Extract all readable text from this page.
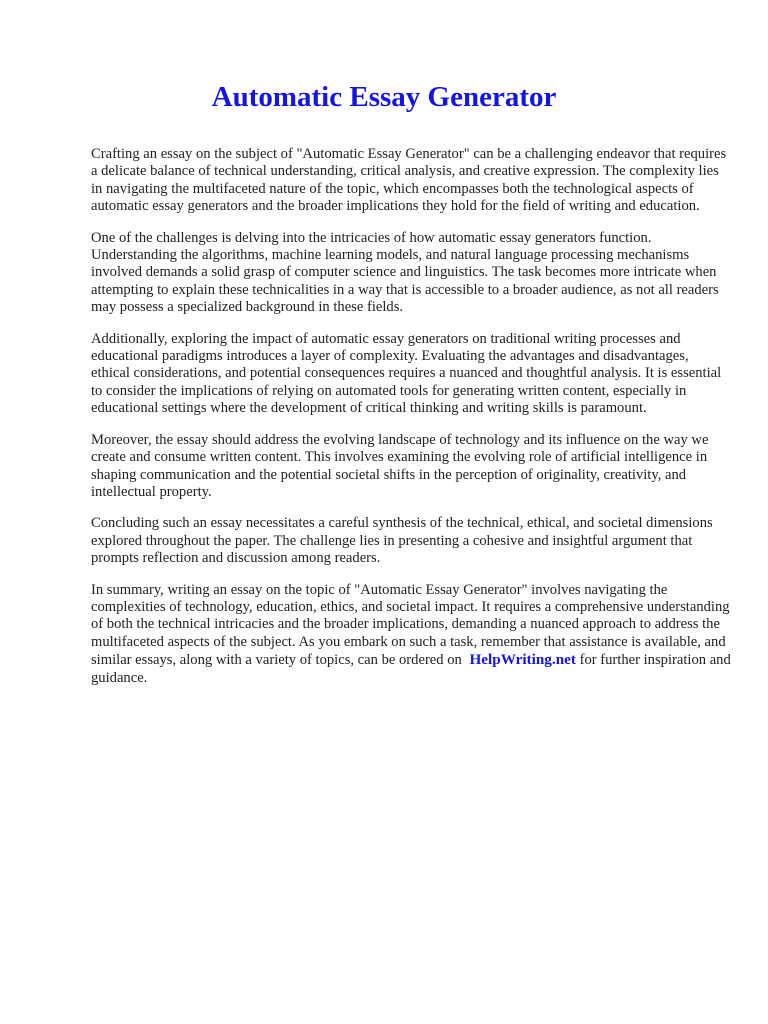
Automatic Essay Generator

Crafting an essay on the subject of "Automatic Essay Generator" can be a challenging endeavor that requires a delicate balance of technical understanding, critical analysis, and creative expression. The complexity lies in navigating the multifaceted nature of the topic, which encompasses both the technological aspects of automatic essay generators and the broader implications they hold for the field of writing and education.

One of the challenges is delving into the intricacies of how automatic essay generators function. Understanding the algorithms, machine learning models, and natural language processing mechanisms involved demands a solid grasp of computer science and linguistics. The task becomes more intricate when attempting to explain these technicalities in a way that is accessible to a broader audience, as not all readers may possess a specialized background in these fields.

Additionally, exploring the impact of automatic essay generators on traditional writing processes and educational paradigms introduces a layer of complexity. Evaluating the advantages and disadvantages, ethical considerations, and potential consequences requires a nuanced and thoughtful analysis. It is essential to consider the implications of relying on automated tools for generating written content, especially in educational settings where the development of critical thinking and writing skills is paramount.

Moreover, the essay should address the evolving landscape of technology and its influence on the way we create and consume written content. This involves examining the evolving role of artificial intelligence in shaping communication and the potential societal shifts in the perception of originality, creativity, and intellectual property.

Concluding such an essay necessitates a careful synthesis of the technical, ethical, and societal dimensions explored throughout the paper. The challenge lies in presenting a cohesive and insightful argument that prompts reflection and discussion among readers.

In summary, writing an essay on the topic of "Automatic Essay Generator" involves navigating the complexities of technology, education, ethics, and societal impact. It requires a comprehensive understanding of both the technical intricacies and the broader implications, demanding a nuanced approach to address the multifaceted aspects of the subject. As you embark on such a task, remember that assistance is available, and similar essays, along with a variety of topics, can be ordered on HelpWriting.net for further inspiration and guidance.
